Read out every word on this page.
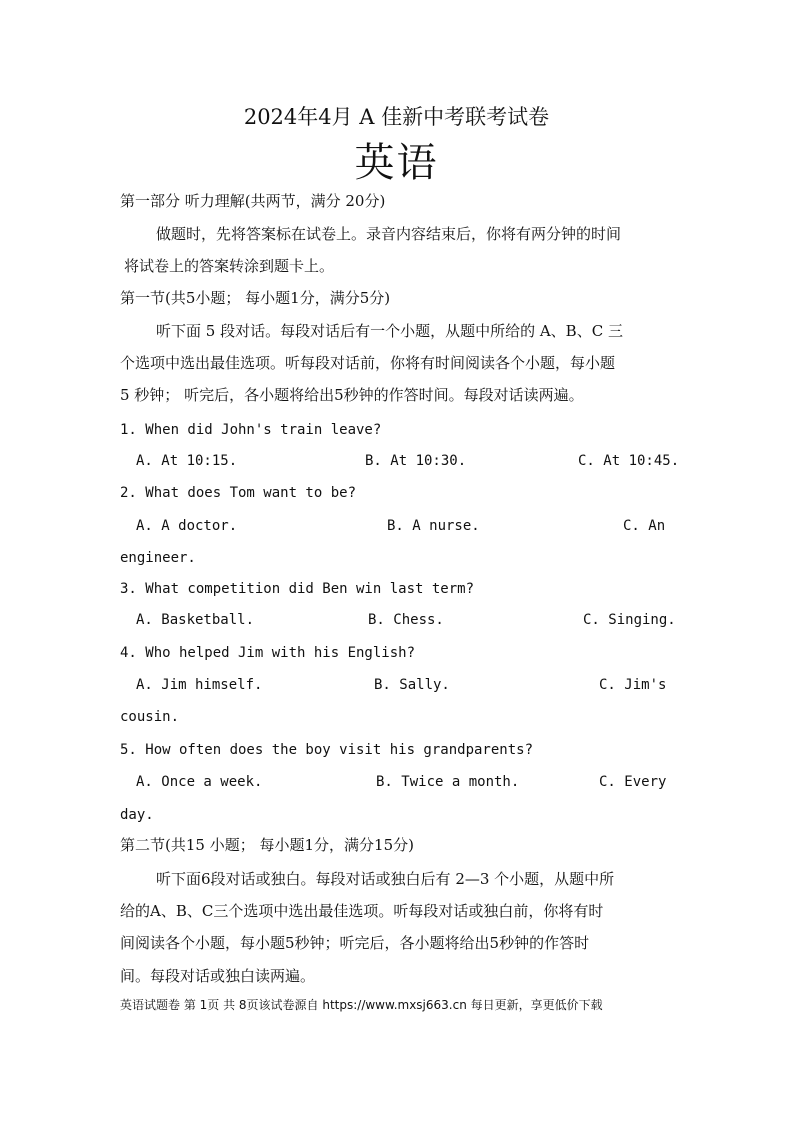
2024年4月 A 佳新中考联考试卷
英语
第一部分 听力理解(共两节，满分 20分)
做题时，先将答案标在试卷上。录音内容结束后，你将有两分钟的时间
将试卷上的答案转涂到题卡上。
第一节(共5小题； 每小题1分，满分5分)
听下面 5 段对话。每段对话后有一个小题，从题中所给的 A、B、C 三
个选项中选出最佳选项。听每段对话前，你将有时间阅读各个小题，每小题
5 秒钟； 听完后，各小题将给出5秒钟的作答时间。每段对话读两遍。
1. When did John's train leave?
A. At 10:15.	B. At 10:30.	C. At 10:45.
2. What does Tom want to be?
A. A doctor.	B. A nurse.	C. An
engineer.
3. What competition did Ben win last term?
A. Basketball.	B. Chess.	C. Singing.
4. Who helped Jim with his English?
A. Jim himself.	B. Sally.	C. Jim's
cousin.
5. How often does the boy visit his grandparents?
A. Once a week.	B. Twice a month.	C. Every
day.
第二节(共15 小题； 每小题1分，满分15分)
听下面6段对话或独白。每段对话或独白后有 2—3 个小题，从题中所
给的A、B、C三个选项中选出最佳选项。听每段对话或独白前，你将有时
间阅读各个小题，每小题5秒钟；听完后，各小题将给出5秒钟的作答时
间。每段对话或独白读两遍。
英语试题卷 第 1页 共 8页该试卷源自 https://www.mxsj663.cn 每日更新，享更低价下载
